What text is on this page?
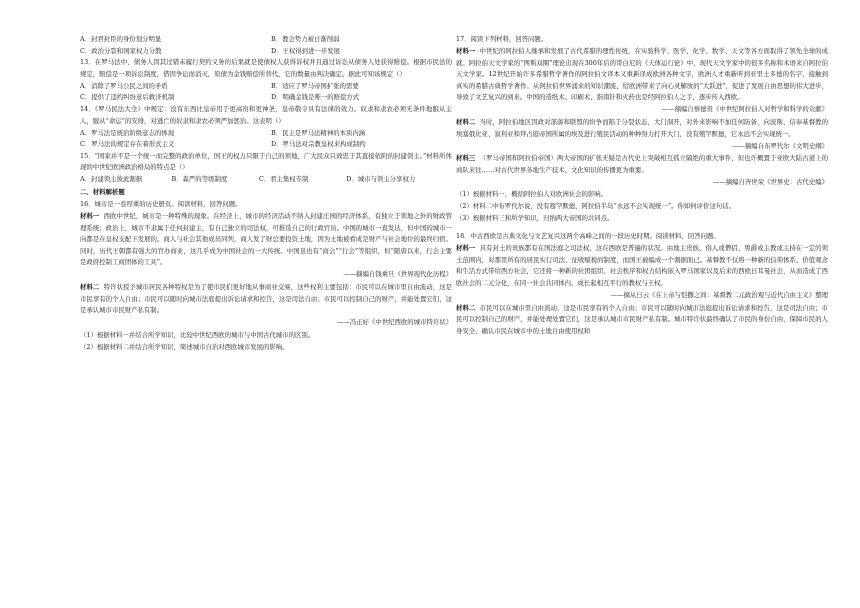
A．封君封臣的身份划分明显	B．教会势力被日渐削弱

C．政治分裂和国家权力分散	D．王权得到进一步发展

13．在罗马法中，债务人因其过错未履行契约义务的后果就是使债权人获得诉权并且通过诉讼从债务人处获得赔偿。根据市民法的规定，赔偿是一项诉讼制度，借因争讼而消灭，原债为金钱赔偿所替代，它的数量由判决确定。据此可知该规定（）

A．消除了罗马公民之间的矛盾	B．适应了罗马帝国扩张的需要

C．提供了违约纠纷意后救济机制	D．明确金钱是唯一的赔偿方式

14．《罗马民法大全》中规定：没有东西比皇帝用于更高贵和更神圣，皇帝敬令具有法律的效力。奴隶和隶农必须无条件地服从主人，服从“命运”的安排，对逃亡的奴隶和隶农必须严加惩治。这表明（）

A．罗马法是统治阶级意志的体现	B．民主是罗马法精神的本质内涵

C．罗马法的规定存在着形式主义	D．罗马法对宗教皇权来构成制约

15．“国家并不是一个统一而完整的政治单位，国王的权力只限于自己的领地，广大民众只效忠于其直接依附的封建领主。”材料所体现的中世纪欧洲政治格局的特点是（）

A．封建领主彼此割据	B．森严的等级制度	C．君主集权专制	D．城市与领主分享权力

二、材料解析题

16．城市是一卷厚重的历史册页。阅读材料，回答问题。

材料一 西欧中世纪，城市是一种特殊的现象。在经济上，城市的经济活动不纳入封建庄园的经济体系，有独立于领地之外的财政管理系统；政治上，城市不隶属于任何封建主，有自己独立的司法权，可推选自己的行政官员。中国的城市一直发达，但中国的城市一向都是在皇权支配下发展的。商人与社会其他成员同列，商人发了财总要投资土地，因为土地被看成是财产与社会地位的最终归宿。同时，历代王朝都有强大的官办商业，这几乎成为中国社会的一大传统。中国虽也有“商会”“行会”等组织，但“随唐以来，行会主要是政府控制工商团体的工具”。

——摘编自钱乘旦《世界现代化历程》

材料二 特许状授予城市居民各种特权是为了使市民们更好地从事商业交易，这些权利主要包括：市民可以在城市里自由流动，这是市民享有的个人自由；市民可以随时向城市法庭提出诉讼请求和控告，这是司法自由；市民可以控制自己的财产，并能处置它们，这是承认城市市民财产私有制。

——冯正好《中世纪西欧的城市特许状》

（1）根据材料一并结合所学知识，比较中世纪西欧的城市与中国古代城市的区别。

（2）根据材料二并结合所学知识，简述城市自治对西欧城市发展的影响。

17．阅读下列材料，回答问题。

材料一 中世纪的阿拉伯人继承和发展了古代希腊的理性传统，在实验科学、医学、化学、数学、天文等各方面取得了领先全球的成就。阿拉伯天文学家的“图斯双圈”理论出现在300年后的哥白尼的《天体运行论》中，现代天文学家中的很多名称和术语来自阿拉伯天文学家。12世纪开始许多希腊哲学著作的阿拉伯文译本又重新译成欧洲各种文字，欧洲人才重新听到亚里士多德的名字，接触到真实的希腊古典哲学著作。从阿拉伯世界涌来的知识潮流，给欧洲带来了向心灵解放的“大跃进”，促进了发展自由思想的伟大进步，导致了文艺复兴的到来。中国的造纸术、印刷术、指南针和火药也是经阿拉伯人之手，逐步传入西欧。

——摘编自蔡德贵《中世纪阿拉伯人对哲学和科学的贡献》

材料二 当时，阿拉伯地区因政对部落和联盟的纷争而陷于分裂状态，大门洞开，对外来影响不加任何防备，向波斯、信奉基督教的埃塞俄比亚、叙利亚和拜占庭帝国所属的埃及进行殖民活动的种种努力打开大门，没有殖罕默德，它永远不会实现统一。

——摘编自布罗代尔《文明史纲》

材料三 （罗马帝国和阿拉伯帝国）两大帝国的扩张无疑是古代史上突破相互孤立隔绝的重大事件，但也许概置于亚欧大陆古道上的商队来往……对古代世界各地生产技术、文化知识的传播更为重要。

——摘编自齐世荣《世界史：古代史编》

（1）根据材料一，概括阿拉伯人对欧洲社会的影响。

（2）材料二中布罗代尔说，没有穆罕默德，阿拉伯半岛“永远不会实现统一”。你如何评价这句话。

（3）根据材料三和所学知识，归纳两大帝国的共同点。

18．中古西欧是古典文化与文艺复兴这两个高峰之间的一段历史时期。阅读材料，回答问题。

材料一 具有封土的贵族都有在国法庭之司法权，这在西欧是普遍的状况。由地主贵族、俗人或僧侣、男爵或主教或主持在一定的领土范围内，对那里所有的居民实行司法、征收赋税的制度，而国王被编成一个割据面已。基督教不仅将一种新的信仰体系、价值观念和生活方式带给西方社会，它还将一种新的社团组织、社会秩序和权力结构嵌入罗马国家以及后来的西欧日耳曼社会，从而造成了西欧社会的二元分化，在同一社会共同体内，成长起相互平行的教权与王权。

——摘从日云《在上帝与恺撒之间：基督教二元政治观与近代自由主义》整理

材料二 市民可以在城市里自由流动，这是市民享有的个人自由；市民可以随时向城市法庭提出诉讼请求和控告，这是司法自由；市民可以控制自己的财产，并能处理处置它们，这是承认城市市民财产私有制。城市特许状最终确认了市民的身份自由，保障市民的人身安全，确认市民在城市中的土地自由使用权和
